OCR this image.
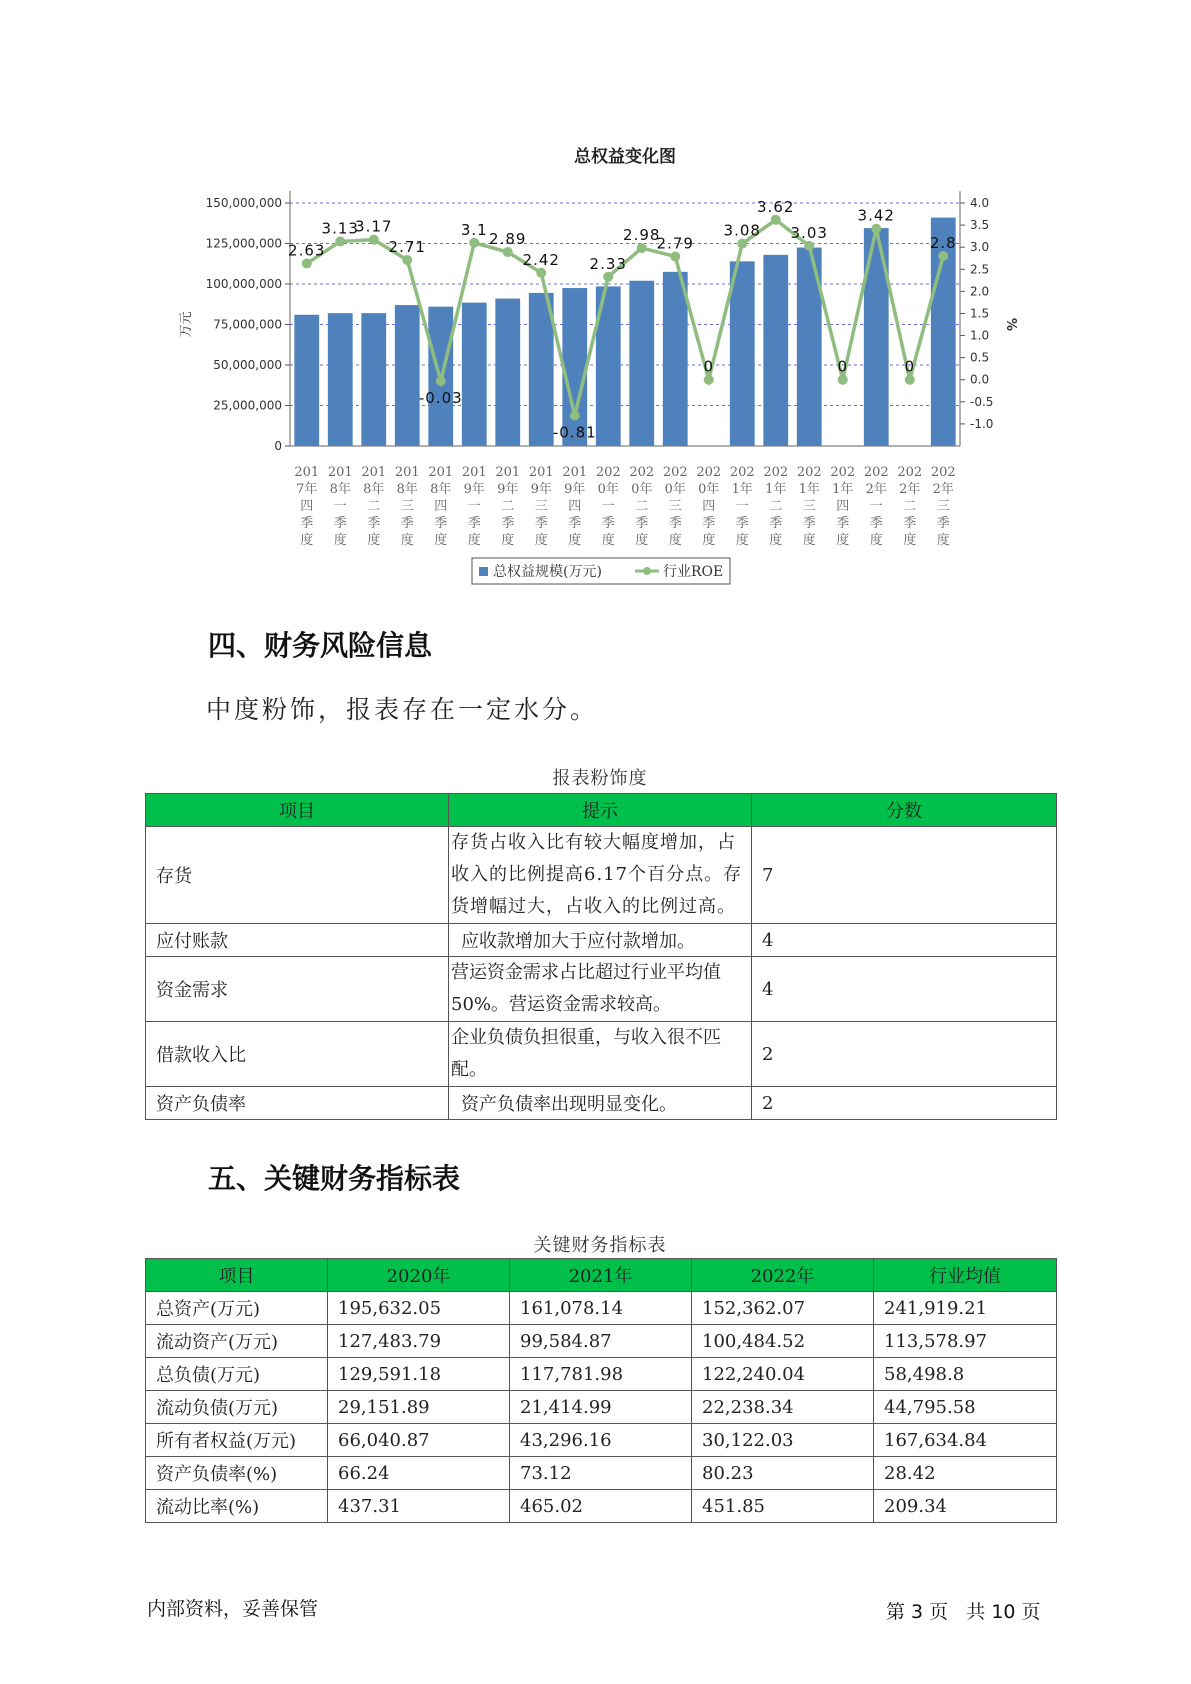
总权益变化图
0
25,000,000
50,000,000
75,000,000
100,000,000
125,000,000
150,000,000
-1.0
-0.5
0.0
0.5
1.0
1.5
2.0
2.5
3.0
3.5
4.0
万元	%
2.63
3.13
3.17
2.71
-0.03
3.1
2.89
2.42
-0.81
2.33
2.98
2.79
0
3.08
3.62
3.03
0
3.42
0
2.8
201 7年四季度
201 8年一季度
201 8年二季度
201 8年三季度
201 8年四季度
201 9年一季度
201 9年二季度
201 9年三季度
201 9年四季度
202 0年一季度
202 0年二季度
202 0年三季度
202 0年四季度
202 1年一季度
202 1年二季度
202 1年三季度
202 1年四季度
202 2年一季度
202 2年二季度
202 2年三季度
总权益规模(万元)	行业ROE
四、财务风险信息
中度粉饰，报表存在一定水分。
报表粉饰度
项目	提示	分数
存货	存货占收入比有较大幅度增加，占收入的比例提高6.17个百分点。存货增幅过大，占收入的比例过高。	7
应付账款	应收款增加大于应付款增加。	4
资金需求	营运资金需求占比超过行业平均值50%。营运资金需求较高。	4
借款收入比	企业负债负担很重，与收入很不匹配。	2
资产负债率	资产负债率出现明显变化。	2
五、关键财务指标表
关键财务指标表
项目	2020年	2021年	2022年	行业均值
总资产(万元)	195,632.05	161,078.14	152,362.07	241,919.21
流动资产(万元)	127,483.79	99,584.87	100,484.52	113,578.97
总负债(万元)	129,591.18	117,781.98	122,240.04	58,498.8
流动负债(万元)	29,151.89	21,414.99	22,238.34	44,795.58
所有者权益(万元)	66,040.87	43,296.16	30,122.03	167,634.84
资产负债率(%)	66.24	73.12	80.23	28.42
流动比率(%)	437.31	465.02	451.85	209.34
内部资料，妥善保管	第 3 页   共 10 页
